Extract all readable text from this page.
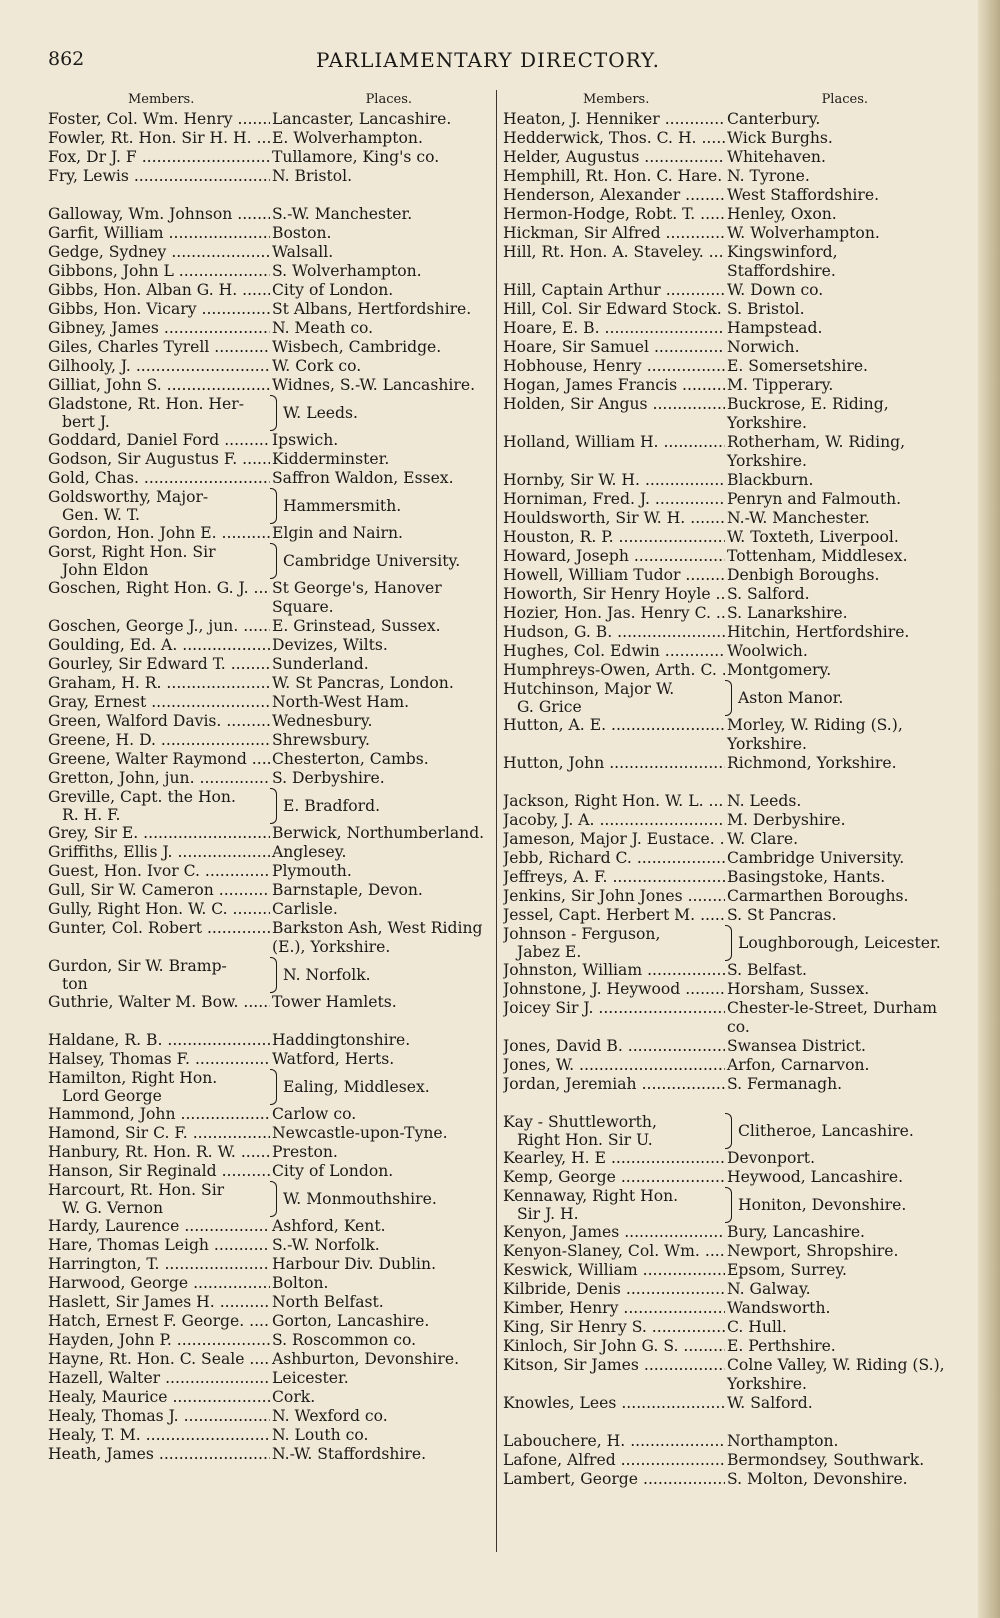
862	PARLIAMENTARY DIRECTORY.
Members.	Places.
Foster, Col. Wm. Henry .....	Lancaster, Lancashire.
Fowler, Rt. Hon. Sir H. H. .....	E. Wolverhampton.
Fox, Dr J. F .....	Tullamore, King's co.
Fry, Lewis .....	N. Bristol.
Galloway, Wm. Johnson .....	S.-W. Manchester.
Garfit, William .....	Boston.
Gedge, Sydney .....	Walsall.
Gibbons, John L .....	S. Wolverhampton.
Gibbs, Hon. Alban G. H. .....	City of London.
Gibbs, Hon. Vicary .....	St Albans, Hertfordshire.
Gibney, James .....	N. Meath co.
Giles, Charles Tyrell .....	Wisbech, Cambridge.
Gilhooly, J. .....	W. Cork co.
Gilliat, John S. .....	Widnes, S.-W. Lancashire.
Gladstone, Rt. Hon. Her-
bert J.	W. Leeds.
Goddard, Daniel Ford .....	Ipswich.
Godson, Sir Augustus F. .....	Kidderminster.
Gold, Chas. .....	Saffron Waldon, Essex.
Goldsworthy, Major-
Gen. W. T.	Hammersmith.
Gordon, Hon. John E. .....	Elgin and Nairn.
Gorst, Right Hon. Sir
John Eldon	Cambridge University.
Goschen, Right Hon. G. J. .....	St George's, Hanover Square.
Goschen, George J., jun. .....	E. Grinstead, Sussex.
Goulding, Ed. A. .....	Devizes, Wilts.
Gourley, Sir Edward T. .....	Sunderland.
Graham, H. R. .....	W. St Pancras, London.
Gray, Ernest .....	North-West Ham.
Green, Walford Davis. .....	Wednesbury.
Greene, H. D. .....	Shrewsbury.
Greene, Walter Raymond .....	Chesterton, Cambs.
Gretton, John, jun. .....	S. Derbyshire.
Greville, Capt. the Hon.
R. H. F.	E. Bradford.
Grey, Sir E. .....	Berwick, Northumberland.
Griffiths, Ellis J. .....	Anglesey.
Guest, Hon. Ivor C. .....	Plymouth.
Gull, Sir W. Cameron .....	Barnstaple, Devon.
Gully, Right Hon. W. C. .....	Carlisle.
Gunter, Col. Robert .....	Barkston Ash, West Riding (E.), Yorkshire.
Gurdon, Sir W. Bramp-
ton	N. Norfolk.
Guthrie, Walter M. Bow. .....	Tower Hamlets.
Haldane, R. B. .....	Haddingtonshire.
Halsey, Thomas F. .....	Watford, Herts.
Hamilton, Right Hon.
Lord George	Ealing, Middlesex.
Hammond, John .....	Carlow co.
Hamond, Sir C. F. .....	Newcastle-upon-Tyne.
Hanbury, Rt. Hon. R. W. .....	Preston.
Hanson, Sir Reginald .....	City of London.
Harcourt, Rt. Hon. Sir
W. G. Vernon	W. Monmouthshire.
Hardy, Laurence .....	Ashford, Kent.
Hare, Thomas Leigh .....	S.-W. Norfolk.
Harrington, T. .....	Harbour Div. Dublin.
Harwood, George .....	Bolton.
Haslett, Sir James H. .....	North Belfast.
Hatch, Ernest F. George. .....	Gorton, Lancashire.
Hayden, John P. .....	S. Roscommon co.
Hayne, Rt. Hon. C. Seale .....	Ashburton, Devonshire.
Hazell, Walter .....	Leicester.
Healy, Maurice .....	Cork.
Healy, Thomas J. .....	N. Wexford co.
Healy, T. M. .....	N. Louth co.
Heath, James .....	N.-W. Staffordshire.
Members.	Places.
Heaton, J. Henniker .....	Canterbury.
Hedderwick, Thos. C. H. .....	Wick Burghs.
Helder, Augustus .....	Whitehaven.
Hemphill, Rt. Hon. C. Hare. ..... N. Tyrone.
Henderson, Alexander .....	West Staffordshire.
Hermon-Hodge, Robt. T. .....	Henley, Oxon.
Hickman, Sir Alfred .....	W. Wolverhampton.
Hill, Rt. Hon. A. Staveley. .....	Kingswinford, Staffordshire.
Hill, Captain Arthur .....	W. Down co.
Hill, Col. Sir Edward Stock. ..... S. Bristol.
Hoare, E. B. .....	Hampstead.
Hoare, Sir Samuel .....	Norwich.
Hobhouse, Henry .....	E. Somersetshire.
Hogan, James Francis .....	M. Tipperary.
Holden, Sir Angus .....	Buckrose, E. Riding, Yorkshire.
Holland, William H. .....	Rotherham, W. Riding, Yorkshire.
Hornby, Sir W. H. .....	Blackburn.
Horniman, Fred. J. .....	Penryn and Falmouth.
Houldsworth, Sir W. H. .....	N.-W. Manchester.
Houston, R. P. .....	W. Toxteth, Liverpool.
Howard, Joseph .....	Tottenham, Middlesex.
Howell, William Tudor .....	Denbigh Boroughs.
Howorth, Sir Henry Hoyle .....	S. Salford.
Hozier, Hon. Jas. Henry C. .....	S. Lanarkshire.
Hudson, G. B. .....	Hitchin, Hertfordshire.
Hughes, Col. Edwin .....	Woolwich.
Humphreys-Owen, Arth. C. ..... Montgomery.
Hutchinson, Major W.
G. Grice	Aston Manor.
Hutton, A. E. .....	Morley, W. Riding (S.), Yorkshire.
Hutton, John .....	Richmond, Yorkshire.
Jackson, Right Hon. W. L. .....	N. Leeds.
Jacoby, J. A. .....	M. Derbyshire.
Jameson, Major J. Eustace. ..... W. Clare.
Jebb, Richard C. .....	Cambridge University.
Jeffreys, A. F. .....	Basingstoke, Hants.
Jenkins, Sir John Jones .....	Carmarthen Boroughs.
Jessel, Capt. Herbert M. .....	S. St Pancras.
Johnson - Ferguson,
Jabez E.	Loughborough, Leicester.
Johnston, William .....	S. Belfast.
Johnstone, J. Heywood .....	Horsham, Sussex.
Joicey Sir J. .....	Chester-le-Street, Durham co.
Jones, David B. .....	Swansea District.
Jones, W. .....	Arfon, Carnarvon.
Jordan, Jeremiah .....	S. Fermanagh.
Kay - Shuttleworth,
Right Hon. Sir U.	Clitheroe, Lancashire.
Kearley, H. E .....	Devonport.
Kemp, George .....	Heywood, Lancashire.
Kennaway, Right Hon.
Sir J. H.	Honiton, Devonshire.
Kenyon, James .....	Bury, Lancashire.
Kenyon-Slaney, Col. Wm. .....	Newport, Shropshire.
Keswick, William .....	Epsom, Surrey.
Kilbride, Denis .....	N. Galway.
Kimber, Henry .....	Wandsworth.
King, Sir Henry S. .....	C. Hull.
Kinloch, Sir John G. S. .....	E. Perthshire.
Kitson, Sir James .....	Colne Valley, W. Riding (S.), Yorkshire.
Knowles, Lees .....	W. Salford.
Labouchere, H. .....	Northampton.
Lafone, Alfred .....	Bermondsey, Southwark.
Lambert, George .....	S. Molton, Devonshire.
